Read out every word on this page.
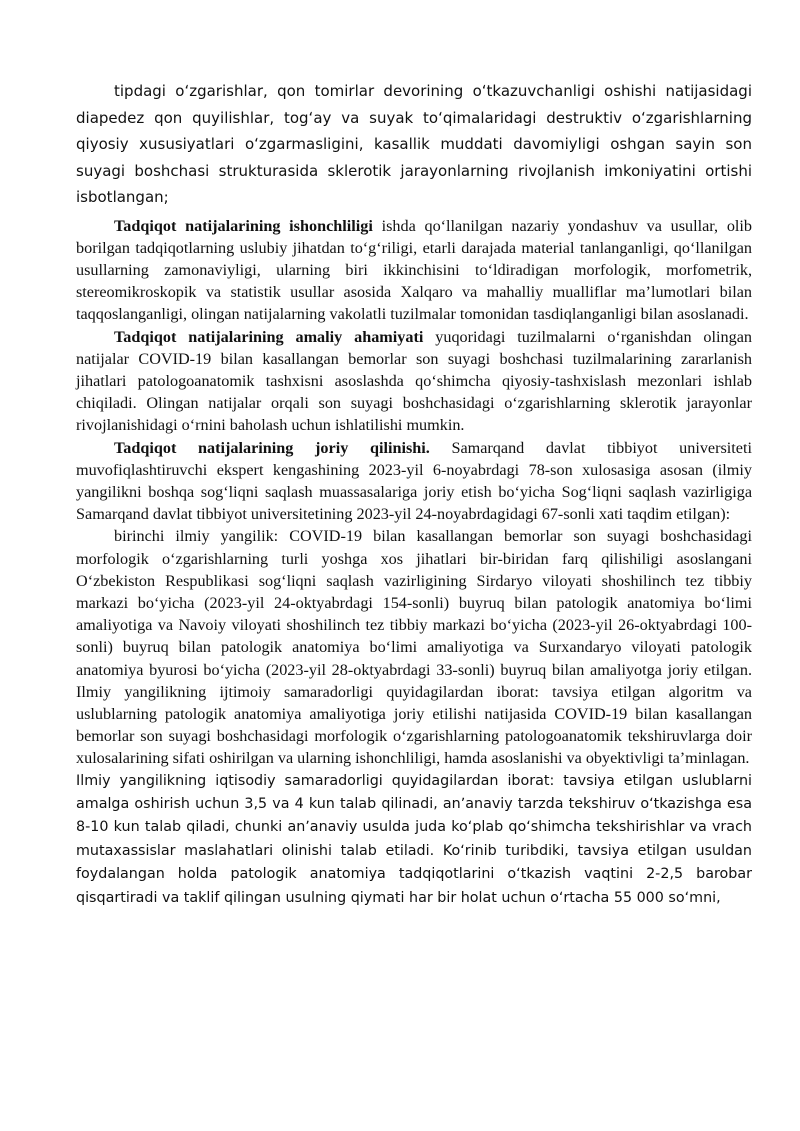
tipdagi oʻzgarishlar, qon tomirlar devorining oʻtkazuvchanligi oshishi natijasidagi diapedez qon quyilishlar, togʻay va suyak toʻqimalaridagi destruktiv oʻzgarishlarning qiyosiy xususiyatlari oʻzgarmasligini, kasallik muddati davomiyligi oshgan sayin son suyagi boshchasi strukturasida sklerotik jarayonlarning rivojlanish imkoniyatini ortishi isbotlangan;

Tadqiqot natijalarining ishonchliligi ishda qoʻllanilgan nazariy yondashuv va usullar, olib borilgan tadqiqotlarning uslubiy jihatdan toʻgʻriligi, etarli darajada material tanlanganligi, qoʻllanilgan usullarning zamonaviyligi, ularning biri ikkinchisini toʻldiradigan morfologik, morfometrik, stereomikroskopik va statistik usullar asosida Xalqaro va mahalliy mualliflar maʼlumotlari bilan taqqoslanganligi, olingan natijalarning vakolatli tuzilmalar tomonidan tasdiqlanganligi bilan asoslanadi.

Tadqiqot natijalarining amaliy ahamiyati yuqoridagi tuzilmalarni oʻrganishdan olingan natijalar COVID-19 bilan kasallangan bemorlar son suyagi boshchasi tuzilmalarining zararlanish jihatlari patologoanatomik tashxisni asoslashda qoʻshimcha qiyosiy-tashxislash mezonlari ishlab chiqiladi. Olingan natijalar orqali son suyagi boshchasidagi oʻzgarishlarning sklerotik jarayonlar rivojlanishidagi oʻrnini baholash uchun ishlatilishi mumkin.

Tadqiqot natijalarining joriy qilinishi. Samarqand davlat tibbiyot universiteti muvofiqlashtiruvchi ekspert kengashining 2023-yil 6-noyabrdagi 78-son xulosasiga asosan (ilmiy yangilikni boshqa sogʻliqni saqlash muassasalariga joriy etish boʻyicha Sogʻliqni saqlash vazirligiga Samarqand davlat tibbiyot universitetining 2023-yil 24-noyabrdagidagi 67-sonli xati taqdim etilgan):

birinchi ilmiy yangilik: COVID-19 bilan kasallangan bemorlar son suyagi boshchasidagi morfologik oʻzgarishlarning turli yoshga xos jihatlari bir-biridan farq qilishiligi asoslangani Oʻzbekiston Respublikasi sogʻliqni saqlash vazirligining Sirdaryo viloyati shoshilinch tez tibbiy markazi boʻyicha (2023-yil 24-oktyabrdagi 154-sonli) buyruq bilan patologik anatomiya boʻlimi amaliyotiga va Navoiy viloyati shoshilinch tez tibbiy markazi boʻyicha (2023-yil 26-oktyabrdagi 100-sonli) buyruq bilan patologik anatomiya boʻlimi amaliyotiga va Surxandaryo viloyati patologik anatomiya byurosi boʻyicha (2023-yil 28-oktyabrdagi 33-sonli) buyruq bilan amaliyotga joriy etilgan. Ilmiy yangilikning ijtimoiy samaradorligi quyidagilardan iborat: tavsiya etilgan algoritm va uslublarning patologik anatomiya amaliyotiga joriy etilishi natijasida COVID-19 bilan kasallangan bemorlar son suyagi boshchasidagi morfologik oʻzgarishlarning patologoanatomik tekshiruvlarga doir xulosalarining sifati oshirilgan va ularning ishonchliligi, hamda asoslanishi va obyektivligi taʼminlagan.

Ilmiy yangilikning iqtisodiy samaradorligi quyidagilardan iborat: tavsiya etilgan uslublarni amalga oshirish uchun 3,5 va 4 kun talab qilinadi, anʼanaviy tarzda tekshiruv oʻtkazishga esa 8-10 kun talab qiladi, chunki anʼanaviy usulda juda koʻplab qoʻshimcha tekshirishlar va vrach mutaxassislar maslahatlari olinishi talab etiladi. Koʻrinib turibdiki, tavsiya etilgan usuldan foydalangan holda patologik anatomiya tadqiqotlarini oʻtkazish vaqtini 2-2,5 barobar qisqartiradi va taklif qilingan usulning qiymati har bir holat uchun oʻrtacha 55 000 soʻmni,
